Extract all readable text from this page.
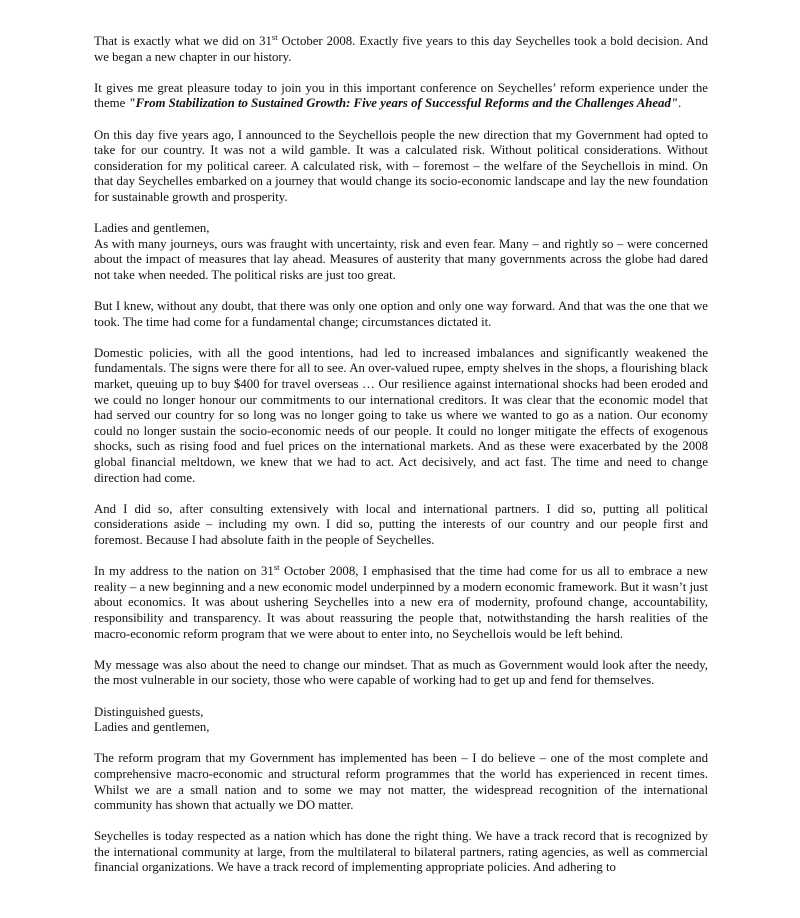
That is exactly what we did on 31st October 2008. Exactly five years to this day Seychelles took a bold decision. And we began a new chapter in our history.

It gives me great pleasure today to join you in this important conference on Seychelles’ reform experience under the theme "From Stabilization to Sustained Growth: Five years of Successful Reforms and the Challenges Ahead".

On this day five years ago, I announced to the Seychellois people the new direction that my Government had opted to take for our country. It was not a wild gamble. It was a calculated risk. Without political considerations. Without consideration for my political career. A calculated risk, with – foremost – the welfare of the Seychellois in mind. On that day Seychelles embarked on a journey that would change its socio-economic landscape and lay the new foundation for sustainable growth and prosperity.

Ladies and gentlemen,

As with many journeys, ours was fraught with uncertainty, risk and even fear. Many – and rightly so – were concerned about the impact of measures that lay ahead. Measures of austerity that many governments across the globe had dared not take when needed. The political risks are just too great.

But I knew, without any doubt, that there was only one option and only one way forward. And that was the one that we took. The time had come for a fundamental change; circumstances dictated it.

Domestic policies, with all the good intentions, had led to increased imbalances and significantly weakened the fundamentals. The signs were there for all to see. An over-valued rupee, empty shelves in the shops, a flourishing black market, queuing up to buy $400 for travel overseas … Our resilience against international shocks had been eroded and we could no longer honour our commitments to our international creditors. It was clear that the economic model that had served our country for so long was no longer going to take us where we wanted to go as a nation. Our economy could no longer sustain the socio-economic needs of our people. It could no longer mitigate the effects of exogenous shocks, such as rising food and fuel prices on the international markets. And as these were exacerbated by the 2008 global financial meltdown, we knew that we had to act. Act decisively, and act fast. The time and need to change direction had come.

And I did so, after consulting extensively with local and international partners. I did so, putting all political considerations aside – including my own. I did so, putting the interests of our country and our people first and foremost. Because I had absolute faith in the people of Seychelles.

In my address to the nation on 31st October 2008, I emphasised that the time had come for us all to embrace a new reality – a new beginning and a new economic model underpinned by a modern economic framework. But it wasn’t just about economics. It was about ushering Seychelles into a new era of modernity, profound change, accountability, responsibility and transparency. It was about reassuring the people that, notwithstanding the harsh realities of the macro-economic reform program that we were about to enter into, no Seychellois would be left behind.

My message was also about the need to change our mindset. That as much as Government would look after the needy, the most vulnerable in our society, those who were capable of working had to get up and fend for themselves.

Distinguished guests,

Ladies and gentlemen,

The reform program that my Government has implemented has been – I do believe – one of the most complete and comprehensive macro-economic and structural reform programmes that the world has experienced in recent times. Whilst we are a small nation and to some we may not matter, the widespread recognition of the international community has shown that actually we DO matter.

Seychelles is today respected as a nation which has done the right thing. We have a track record that is recognized by the international community at large, from the multilateral to bilateral partners, rating agencies, as well as commercial financial organizations. We have a track record of implementing appropriate policies. And adhering to
